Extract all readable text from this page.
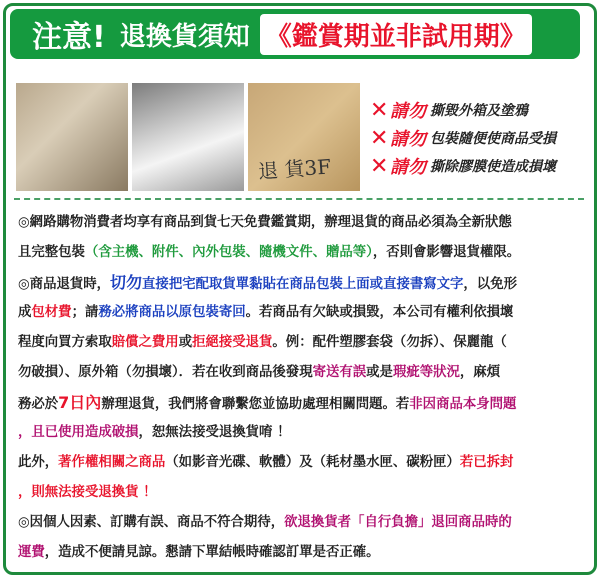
注意! 退換貨須知 《鑑賞期並非試用期》
退 貨3F
✕ 請勿 撕毀外箱及塗鴉
✕ 請勿 包裝隨便使商品受損
✕ 請勿 撕除膠膜使造成損壞
◎網路購物消費者均享有商品到貨七天免費鑑賞期，辦理退貨的商品必須為全新狀態
且完整包裝（含主機、附件、內外包裝、隨機文件、贈品等），否則會影響退貨權限。
◎商品退貨時，切勿直接把宅配取貨單黏貼在商品包裝上面或直接書寫文字，以免形
成包材費；請務必將商品以原包裝寄回。若商品有欠缺或損毀，本公司有權利依損壞
程度向買方索取賠償之費用或拒絕接受退貨。例：配件塑膠套袋（勿拆）、保麗龍（
勿破損）、原外箱（勿損壞）．若在收到商品後發現寄送有誤或是瑕疵等狀況，麻煩
務必於7日內辦理退貨，我們將會聯繫您並協助處理相關問題。若非因商品本身問題
，且已使用造成破損，恕無法接受退換貨唷 ！
此外，著作權相關之商品（如影音光碟、軟體）及（耗材墨水匣、碳粉匣）若已拆封
，則無法接受退換貨 ！
◎因個人因素、訂購有誤、商品不符合期待，欲退換貨者「自行負擔」退回商品時的
運費，造成不便請見諒。懇請下單結帳時確認訂單是否正確。
